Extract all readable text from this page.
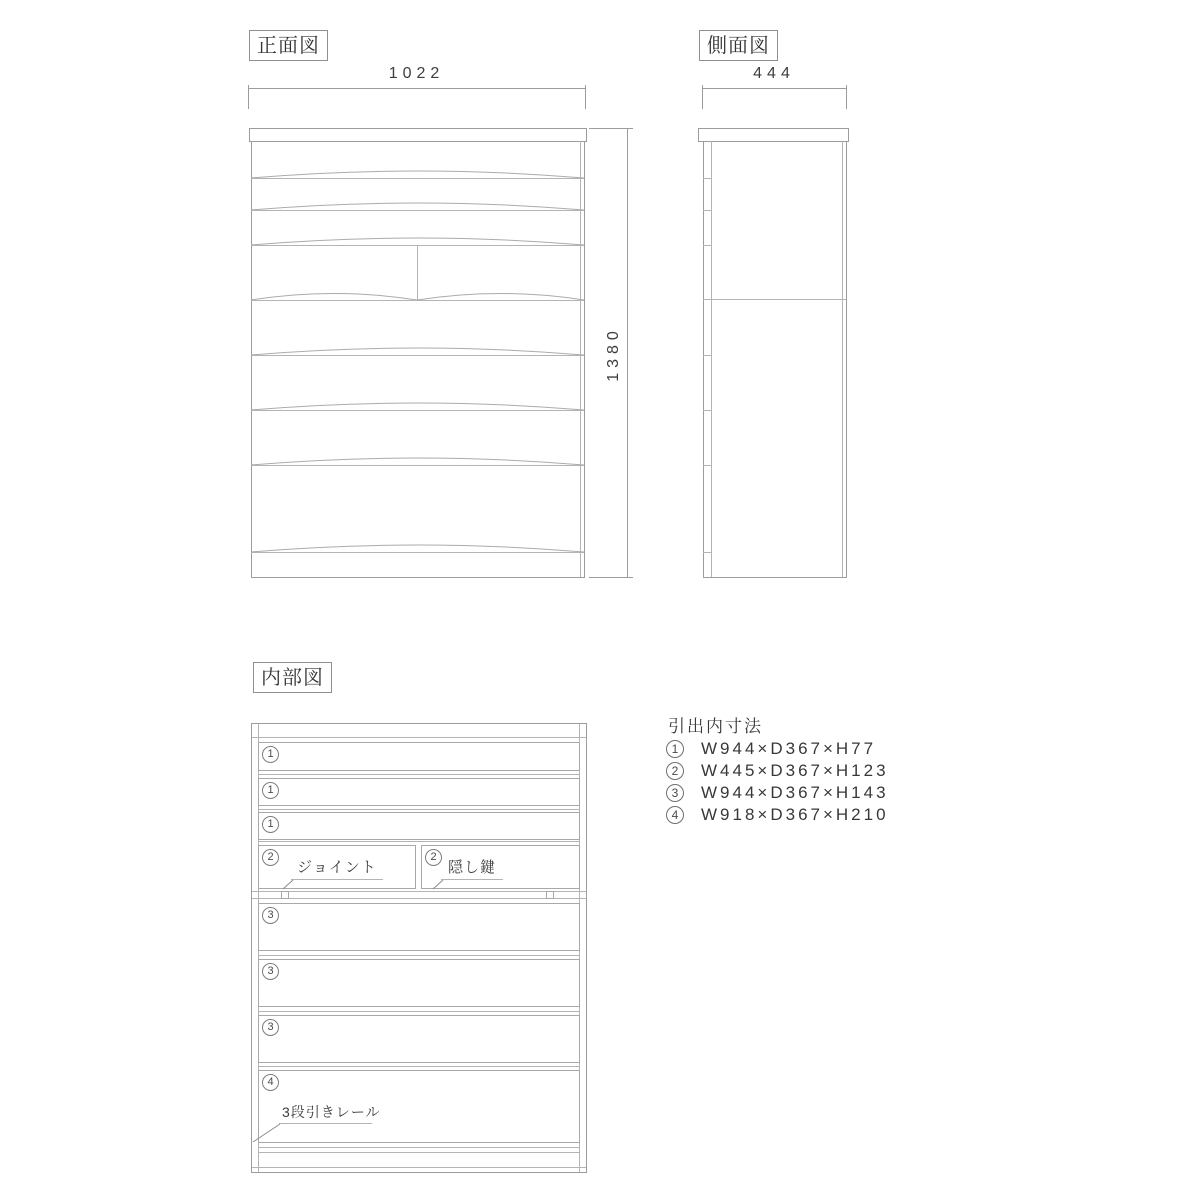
正面図
1022
1380
側面図
444
内部図
1
1
1
2	2
3
3
3
4
ジョイント	隠し鍵
3段引きレール
引出内寸法
1	W944×D367×H77
2	W445×D367×H123
3	W944×D367×H143
4	W918×D367×H210
